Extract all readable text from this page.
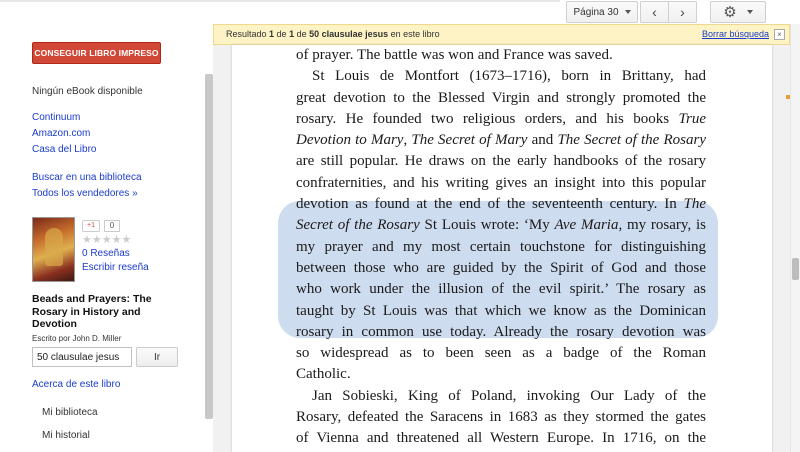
Página 30 ‹ ›	⚙
Resultado 1 de 1 de 50 clausulae jesus en este libro	Borrar búsqueda	×
CONSEGUIR LIBRO IMPRESO
Ningún eBook disponible
Continuum
Amazon.com
Casa del Libro
Buscar en una biblioteca
Todos los vendedores »
+1	0
★★★★★
0 Reseñas
Escribir reseña
Beads and Prayers: The Rosary in History and Devotion
Escrito por John D. Miller
50 clausulae jesus
Ir
Acerca de este libro
Mi biblioteca
Mi historial
of prayer. The battle was won and France was saved.
St Louis de Montfort (1673–1716), born in Brittany, had
great devotion to the Blessed Virgin and strongly promoted the
rosary. He founded two religious orders, and his books True
Devotion to Mary, The Secret of Mary and The Secret of the Rosary
are still popular. He draws on the early handbooks of the rosary
confraternities, and his writing gives an insight into this popular
devotion as found at the end of the seventeenth century. In The
Secret of the Rosary St Louis wrote: ‘My Ave Maria, my rosary, is
my prayer and my most certain touchstone for distinguishing
between those who are guided by the Spirit of God and those
who work under the illusion of the evil spirit.’ The rosary as
taught by St Louis was that which we know as the Dominican
rosary in common use today. Already the rosary devotion was
so widespread as to been seen as a badge of the Roman
Catholic.
Jan Sobieski, King of Poland, invoking Our Lady of the
Rosary, defeated the Saracens in 1683 as they stormed the gates
of Vienna and threatened all Western Europe. In 1716, on the
